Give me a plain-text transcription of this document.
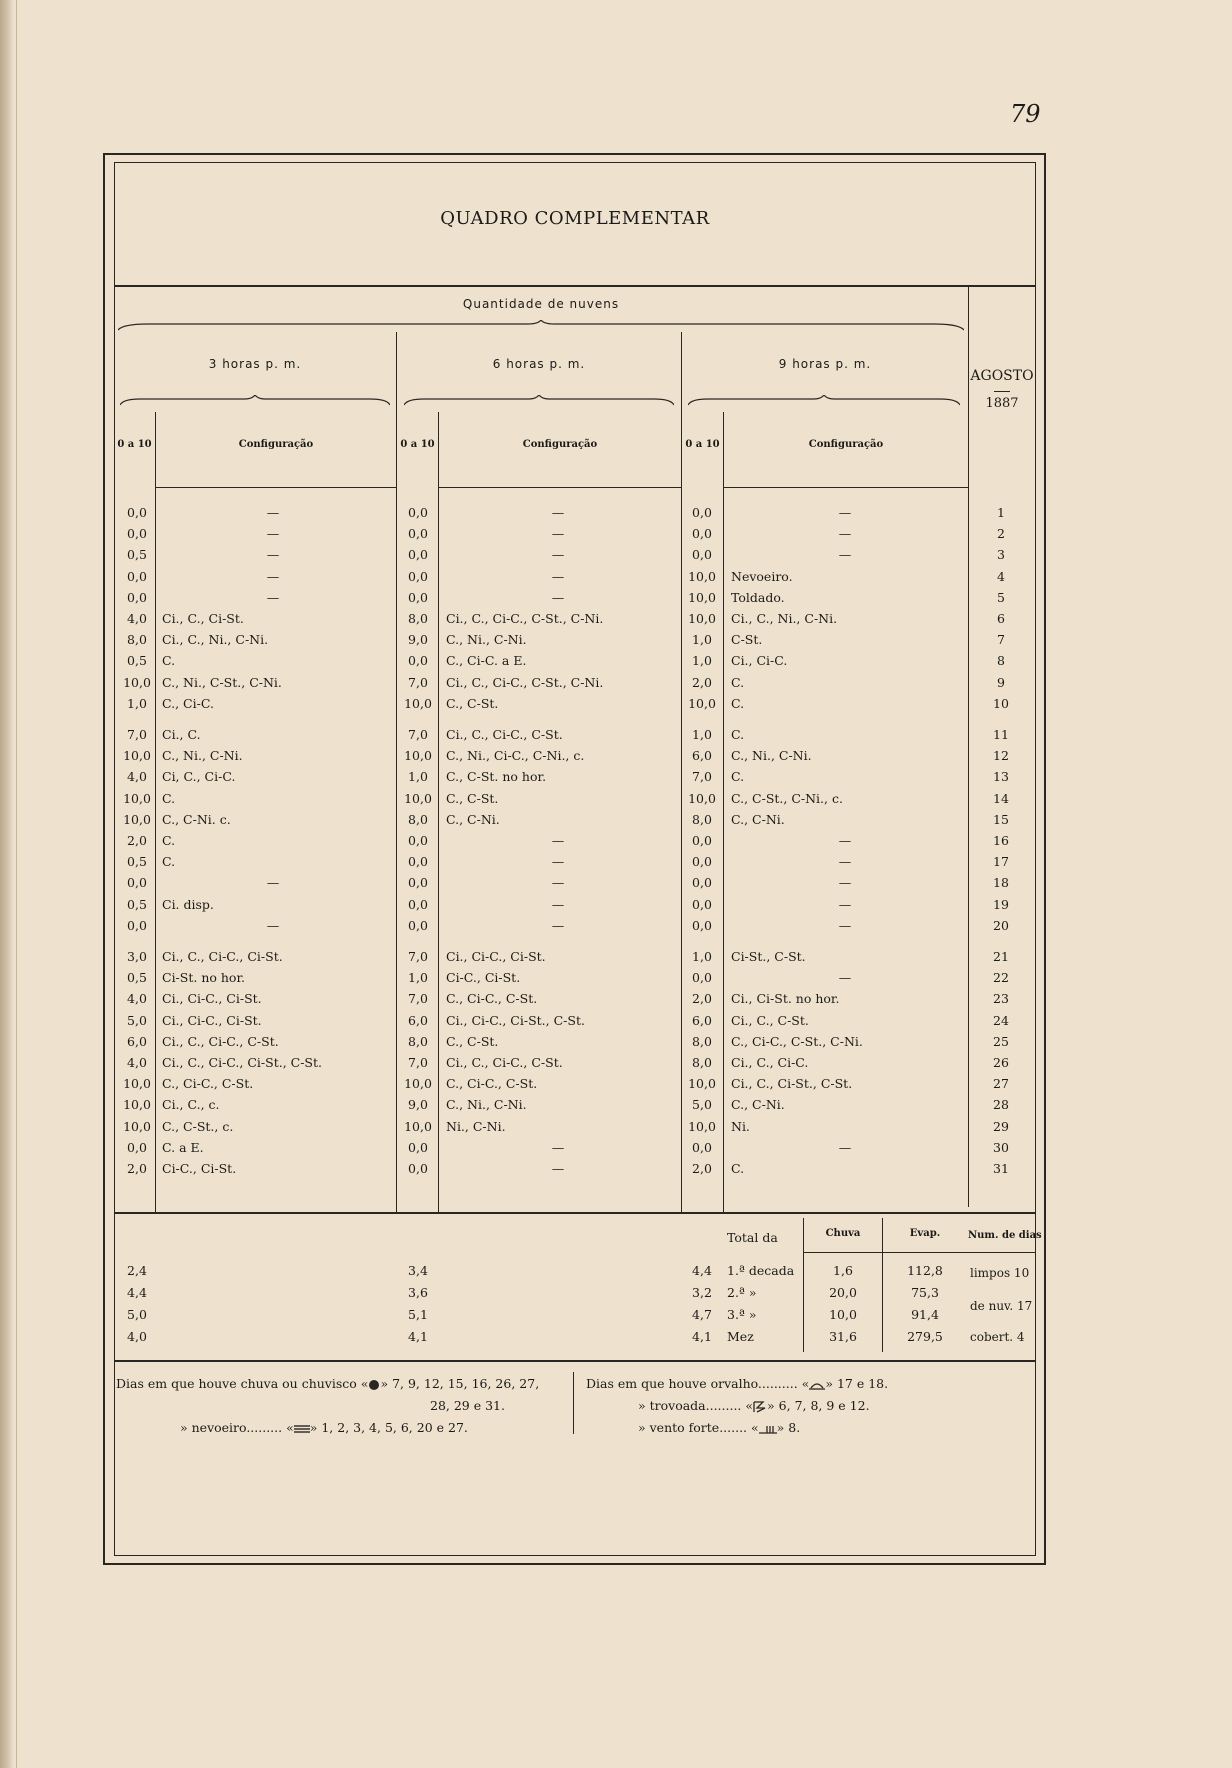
79
QUADRO COMPLEMENTAR
Quantidade de nuvens
3 horas p. m.	6 horas p. m.	9 horas p. m.
AGOSTO
1887
0 a 10	Configuração	0 a 10	Configuração	0 a 10	Configuração
0,0	—	0,0	—	0,0	—	1
0,0	—	0,0	—	0,0	—	2
0,5	—	0,0	—	0,0	—	3
0,0	—	0,0	—	10,0	Nevoeiro.	4
0,0	—	0,0	—	10,0	Toldado.	5
4,0	Ci., C., Ci-St.	8,0	Ci., C., Ci-C., C-St., C-Ni.	10,0	Ci., C., Ni., C-Ni.	6
8,0	Ci., C., Ni., C-Ni.	9,0	C., Ni., C-Ni.	1,0	C-St.	7
0,5	C.	0,0	C., Ci-C. a E.	1,0	Ci., Ci-C.	8
10,0 C., Ni., C-St., C-Ni.	7,0	Ci., C., Ci-C., C-St., C-Ni.	2,0	C.	9
1,0	C., Ci-C.	10,0	C., C-St.	10,0	C.	10
7,0	Ci., C.	7,0	Ci., C., Ci-C., C-St.	1,0	C.	11
10,0 C., Ni., C-Ni.	10,0	C., Ni., Ci-C., C-Ni., c.	6,0	C., Ni., C-Ni.	12
4,0	Ci, C., Ci-C.	1,0	C., C-St. no hor.	7,0	C.	13
10,0 C.	10,0	C., C-St.	10,0	C., C-St., C-Ni., c.	14
10,0 C., C-Ni. c.	8,0	C., C-Ni.	8,0	C., C-Ni.	15
2,0	C.	0,0	—	0,0	—	16
0,5	C.	0,0	—	0,0	—	17
0,0	—	0,0	—	0,0	—	18
0,5	Ci. disp.	0,0	—	0,0	—	19
0,0	—	0,0	—	0,0	—	20
3,0	Ci., C., Ci-C., Ci-St.	7,0	Ci., Ci-C., Ci-St.	1,0	Ci-St., C-St.	21
0,5	Ci-St. no hor.	1,0	Ci-C., Ci-St.	0,0	—	22
4,0	Ci., Ci-C., Ci-St.	7,0	C., Ci-C., C-St.	2,0	Ci., Ci-St. no hor.	23
5,0	Ci., Ci-C., Ci-St.	6,0	Ci., Ci-C., Ci-St., C-St.	6,0	Ci., C., C-St.	24
6,0	Ci., C., Ci-C., C-St.	8,0	C., C-St.	8,0	C., Ci-C., C-St., C-Ni.	25
4,0	Ci., C., Ci-C., Ci-St., C-St.	7,0	Ci., C., Ci-C., C-St.	8,0	Ci., C., Ci-C.	26
10,0 C., Ci-C., C-St.	10,0	C., Ci-C., C-St.	10,0	Ci., C., Ci-St., C-St.	27
10,0 Ci., C., c.	9,0	C., Ni., C-Ni.	5,0	C., C-Ni.	28
10,0 C., C-St., c.	10,0	Ni., C-Ni.	10,0	Ni.	29
0,0	C. a E.	0,0	—	0,0	—	30
2,0	Ci-C., Ci-St.	0,0	—	2,0	C.	31
2,4	3,4	4,4	1.ª decada	1,6	112,8
4,4	3,6	3,2	2.ª »	20,0	75,3
5,0	5,1	4,7	3.ª »	10,0	91,4
4,0	4,1	4,1	Mez	31,6	279,5
Total da	Chuva	Evap.	Num. de dias
limpos 10
de nuv. 17
cobert. 4
Dias em que houve chuva ou chuvisco « » 7, 9, 12, 15, 16, 26, 27,
28, 29 e 31.
» nevoeiro......... « » 1, 2, 3, 4, 5, 6, 20 e 27.
Dias em que houve orvalho.......... « » 17 e 18.
» trovoada......... « » 6, 7, 8, 9 e 12.
» vento forte....... « » 8.
